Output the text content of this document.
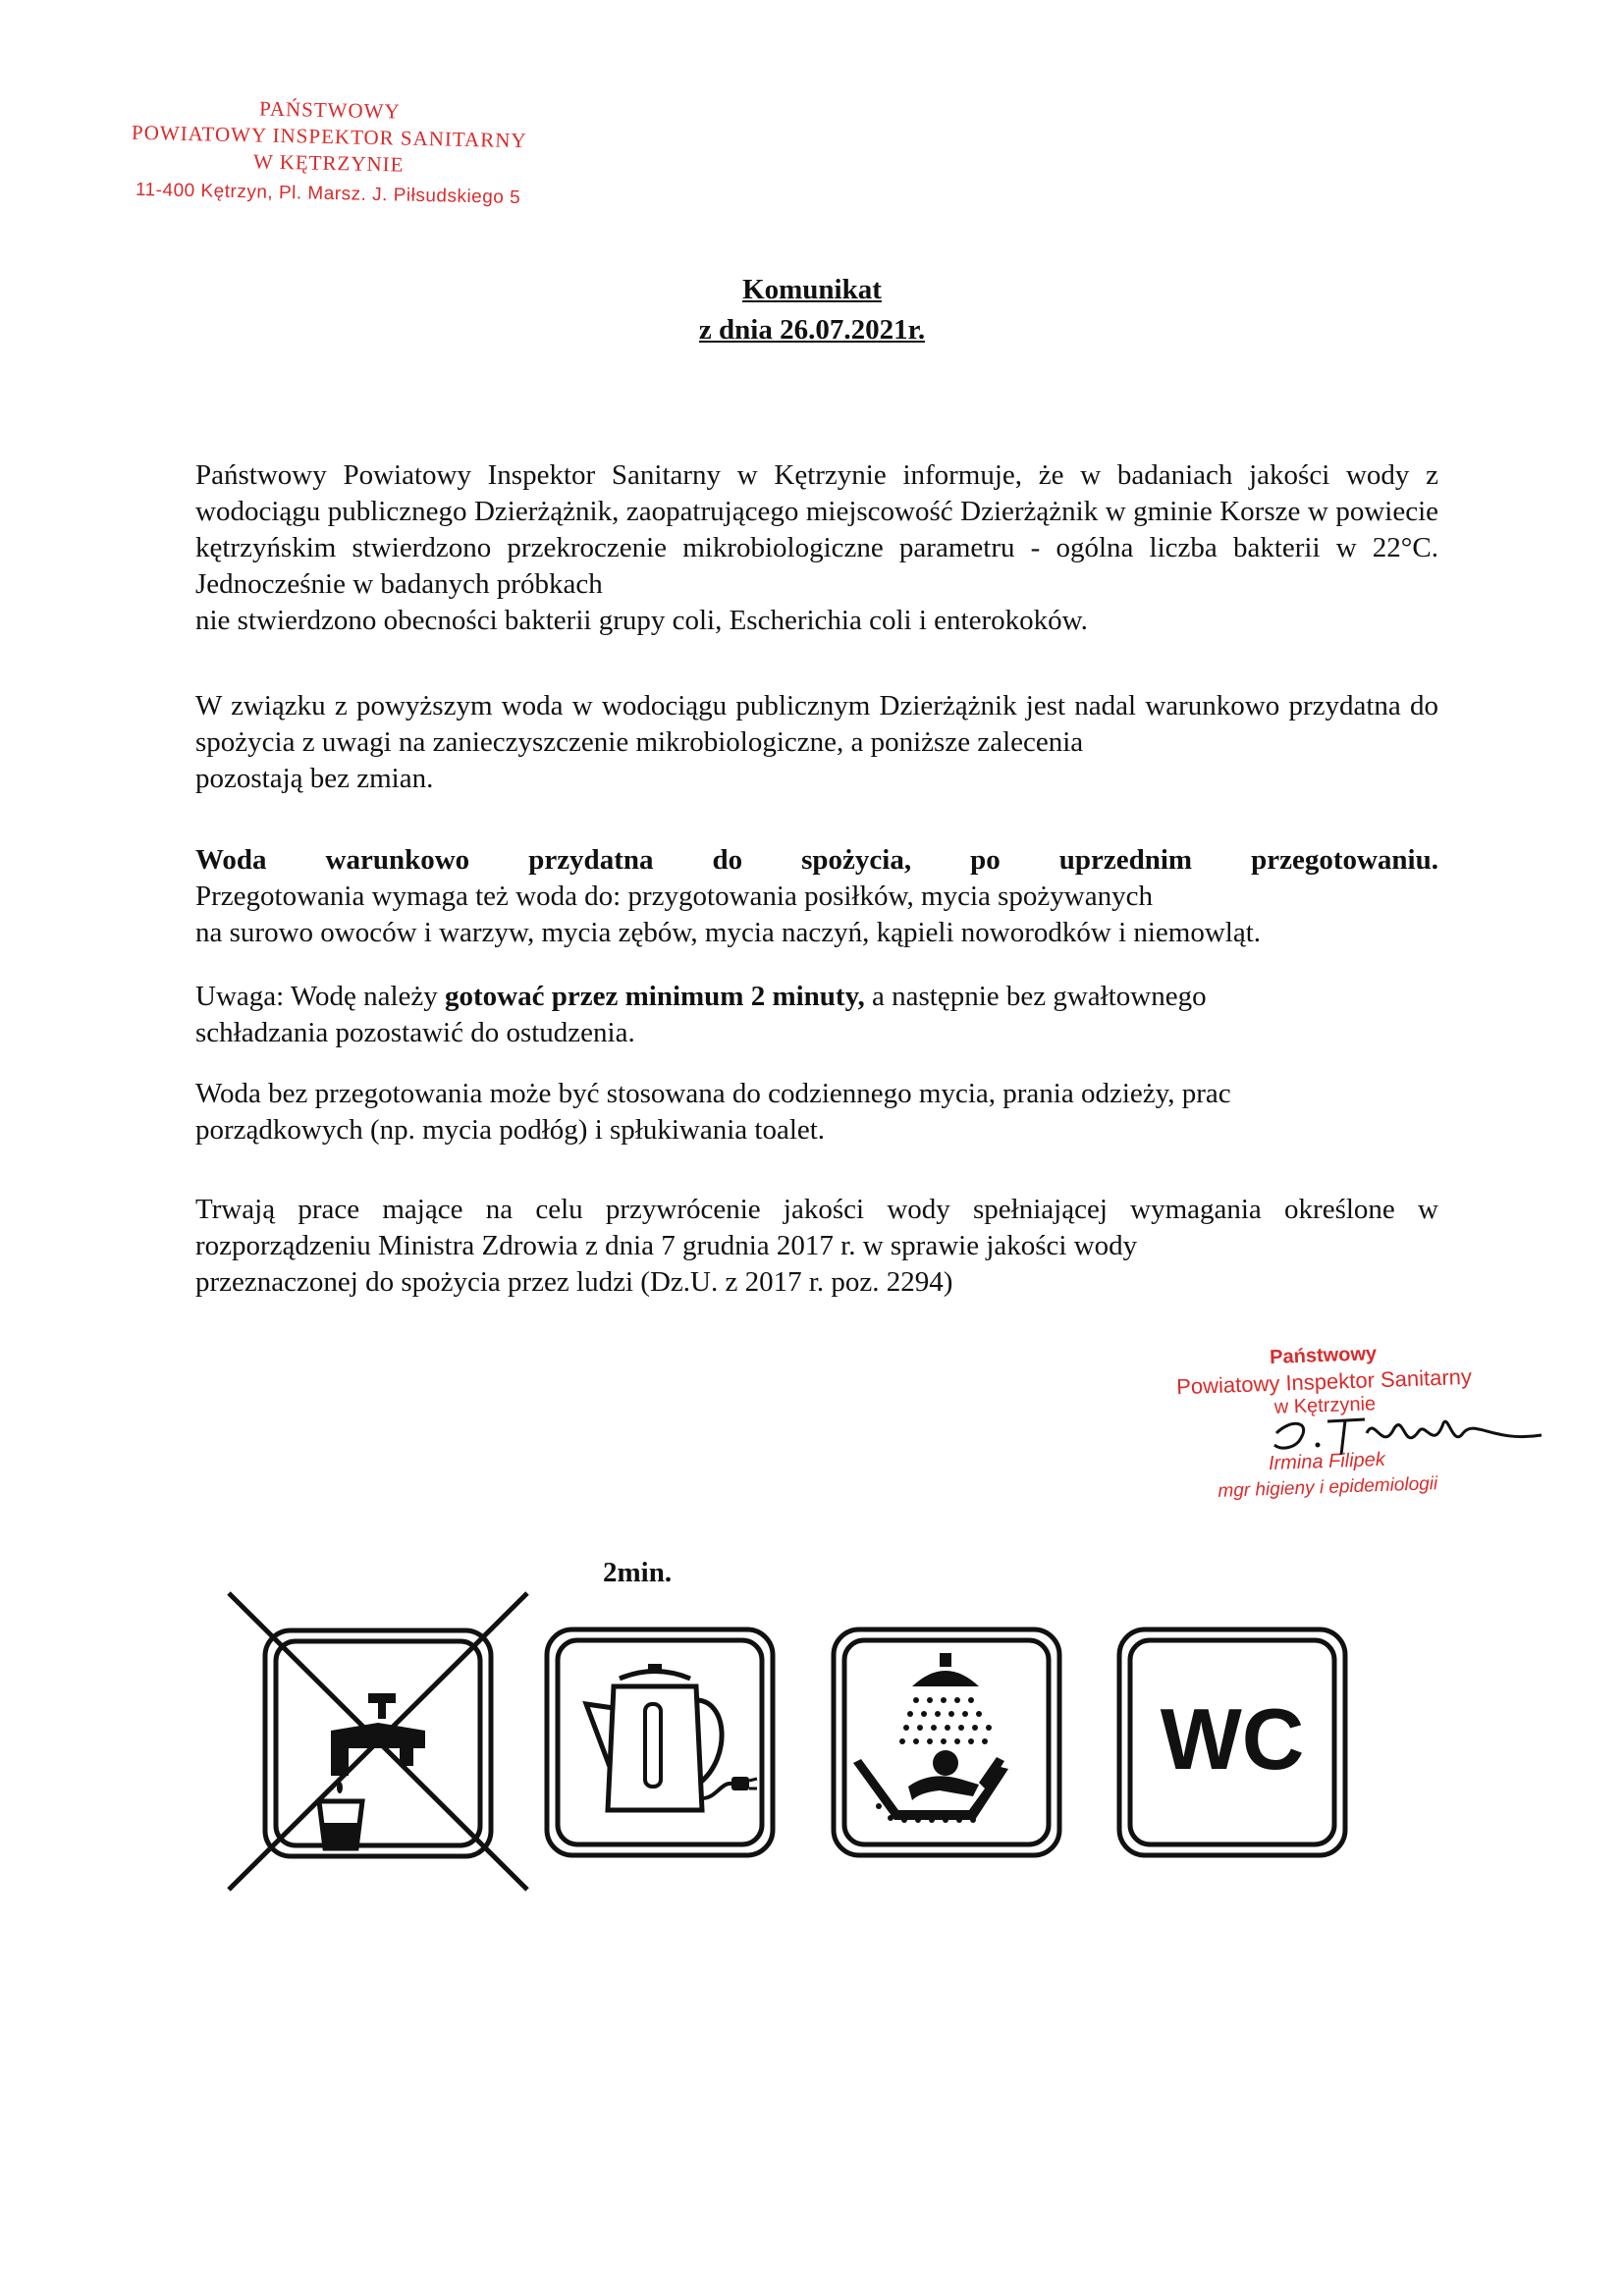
PAŃSTWOWY
POWIATOWY INSPEKTOR SANITARNY
W KĘTRZYNIE
11-400 Kętrzyn, Pl. Marsz. J. Piłsudskiego 5
Komunikat
z dnia 26.07.2021r.
Państwowy Powiatowy Inspektor Sanitarny w Kętrzynie informuje, że w badaniach jakości wody z wodociągu publicznego Dzierżążnik, zaopatrującego miejscowość Dzierżążnik w gminie Korsze w powiecie kętrzyńskim stwierdzono przekroczenie mikrobiologiczne parametru - ogólna liczba bakterii w 22°C. Jednocześnie w badanych próbkach
nie stwierdzono obecności bakterii grupy coli, Escherichia coli i enterokoków.
W związku z powyższym woda w wodociągu publicznym Dzierżążnik jest nadal warunkowo przydatna do spożycia z uwagi na zanieczyszczenie mikrobiologiczne, a poniższe zalecenia
pozostają bez zmian.
Woda warunkowo przydatna do spożycia, po uprzednim przegotowaniu.
Przegotowania wymaga też woda do: przygotowania posiłków, mycia spożywanych
na surowo owoców i warzyw, mycia zębów, mycia naczyń, kąpieli noworodków i niemowląt.
Uwaga: Wodę należy gotować przez minimum 2 minuty, a następnie bez gwałtownego
schładzania pozostawić do ostudzenia.
Woda bez przegotowania może być stosowana do codziennego mycia, prania odzieży, prac
porządkowych (np. mycia podłóg) i spłukiwania toalet.
Trwają prace mające na celu przywrócenie jakości wody spełniającej wymagania określone w rozporządzeniu Ministra Zdrowia z dnia 7 grudnia 2017 r. w sprawie jakości wody
przeznaczonej do spożycia przez ludzi (Dz.U. z 2017 r. poz. 2294)
Państwowy
Powiatowy Inspektor Sanitarny
w Kętrzynie
Irmina Filipek
mgr higieny i epidemiologii
2min.
WC
